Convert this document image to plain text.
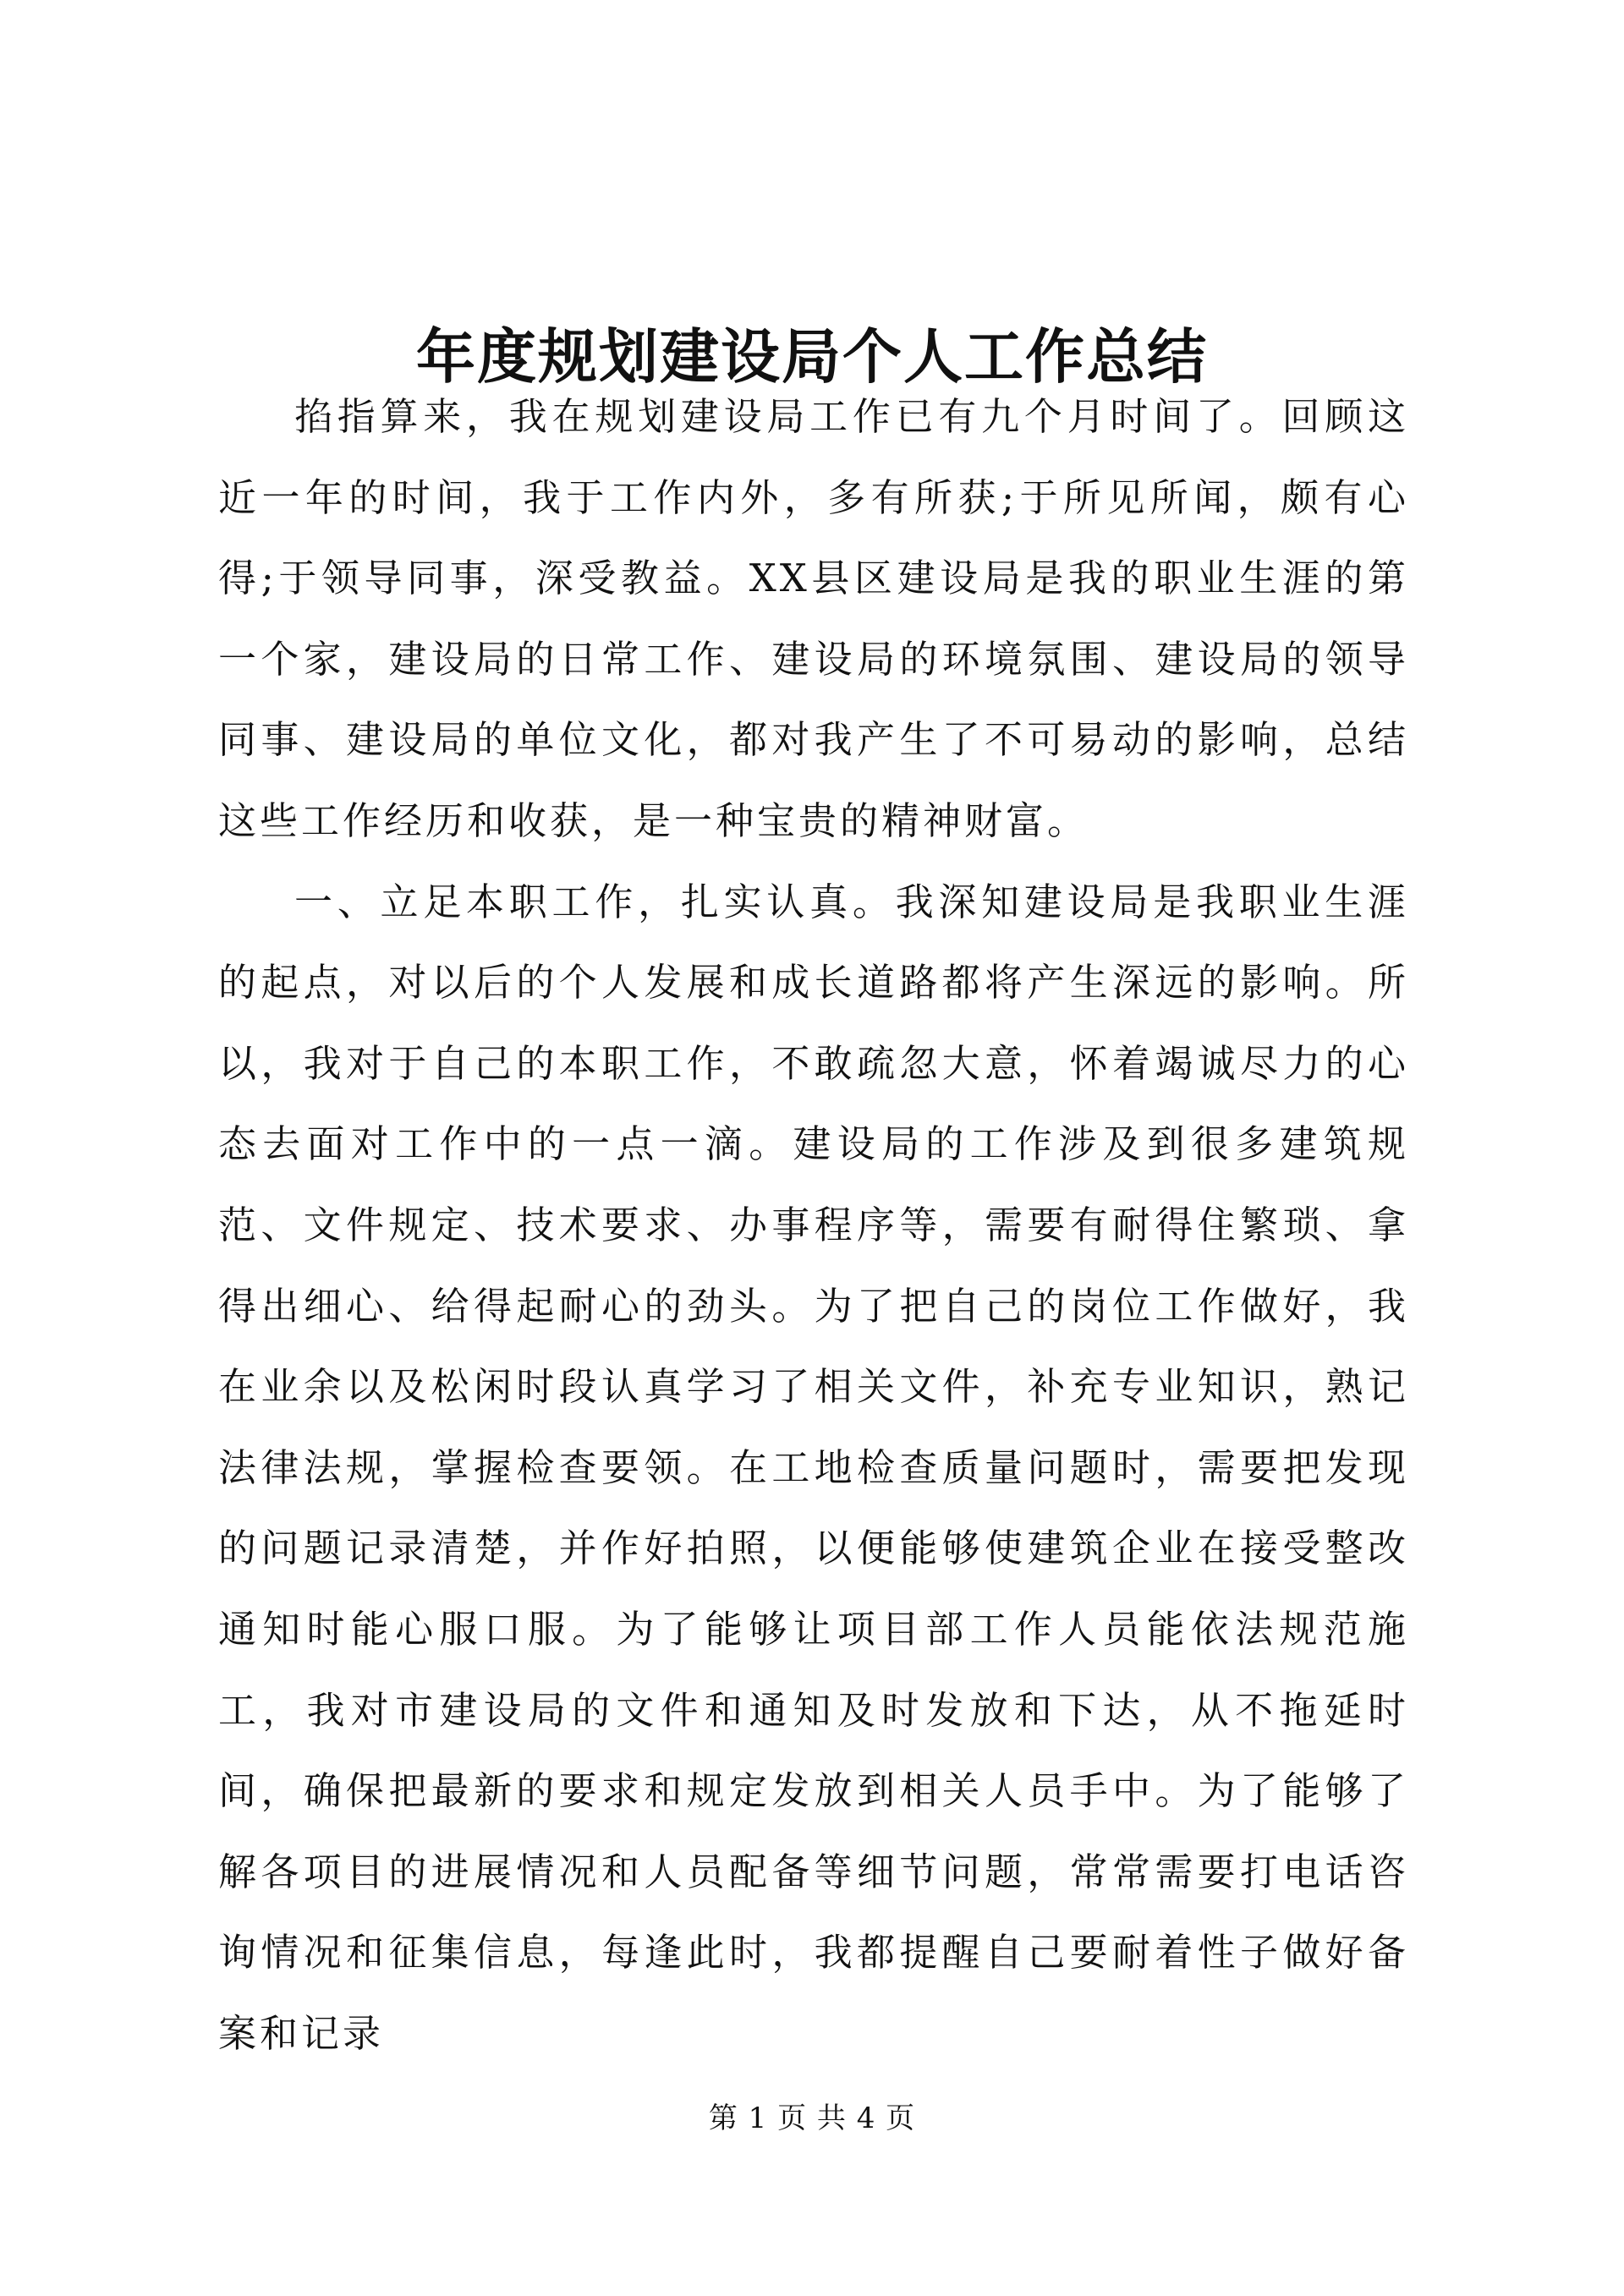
年度规划建设局个人工作总结

掐指算来，我在规划建设局工作已有九个月时间了。回顾这近一年的时间，我于工作内外，多有所获;于所见所闻，颇有心得;于领导同事，深受教益。XX县区建设局是我的职业生涯的第一个家，建设局的日常工作、建设局的环境氛围、建设局的领导同事、建设局的单位文化，都对我产生了不可易动的影响，总结这些工作经历和收获，是一种宝贵的精神财富。

一、立足本职工作，扎实认真。我深知建设局是我职业生涯的起点，对以后的个人发展和成长道路都将产生深远的影响。所以，我对于自己的本职工作，不敢疏忽大意，怀着竭诚尽力的心态去面对工作中的一点一滴。建设局的工作涉及到很多建筑规范、文件规定、技术要求、办事程序等，需要有耐得住繁琐、拿得出细心、给得起耐心的劲头。为了把自己的岗位工作做好，我在业余以及松闲时段认真学习了相关文件，补充专业知识，熟记法律法规，掌握检查要领。在工地检查质量问题时，需要把发现的问题记录清楚，并作好拍照，以便能够使建筑企业在接受整改通知时能心服口服。为了能够让项目部工作人员能依法规范施工，我对市建设局的文件和通知及时发放和下达，从不拖延时间，确保把最新的要求和规定发放到相关人员手中。为了能够了解各项目的进展情况和人员配备等细节问题，常常需要打电话咨询情况和征集信息，每逢此时，我都提醒自己要耐着性子做好备案和记录

第 1 页 共 4 页
